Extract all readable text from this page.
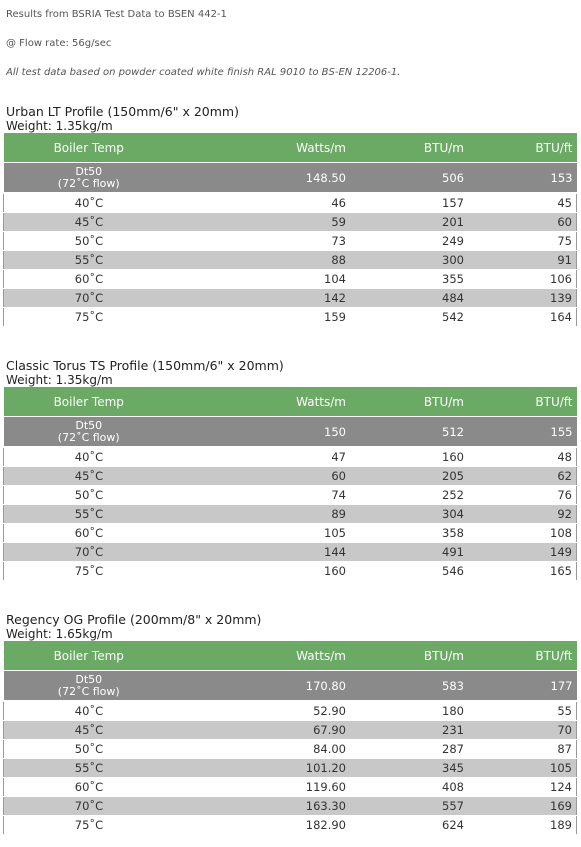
Results from BSRIA Test Data to BSEN 442-1
@ Flow rate: 56g/sec
All test data based on powder coated white finish RAL 9010 to BS-EN 12206-1.
Urban LT Profile (150mm/6" x 20mm)
Weight: 1.35kg/m
Boiler Temp	Watts/m	BTU/m	BTU/ft
Dt50
(72˚C flow)	148.50	506	153
40˚C	46	157	45
45˚C	59	201	60
50˚C	73	249	75
55˚C	88	300	91
60˚C	104	355	106
70˚C	142	484	139
75˚C	159	542	164
Classic Torus TS Profile (150mm/6" x 20mm)
Weight: 1.35kg/m
Boiler Temp	Watts/m	BTU/m	BTU/ft
Dt50
(72˚C flow)	150	512	155
40˚C	47	160	48
45˚C	60	205	62
50˚C	74	252	76
55˚C	89	304	92
60˚C	105	358	108
70˚C	144	491	149
75˚C	160	546	165
Regency OG Profile (200mm/8" x 20mm)
Weight: 1.65kg/m
Boiler Temp	Watts/m	BTU/m	BTU/ft
Dt50
(72˚C flow)	170.80	583	177
40˚C	52.90	180	55
45˚C	67.90	231	70
50˚C	84.00	287	87
55˚C	101.20	345	105
60˚C	119.60	408	124
70˚C	163.30	557	169
75˚C	182.90	624	189
